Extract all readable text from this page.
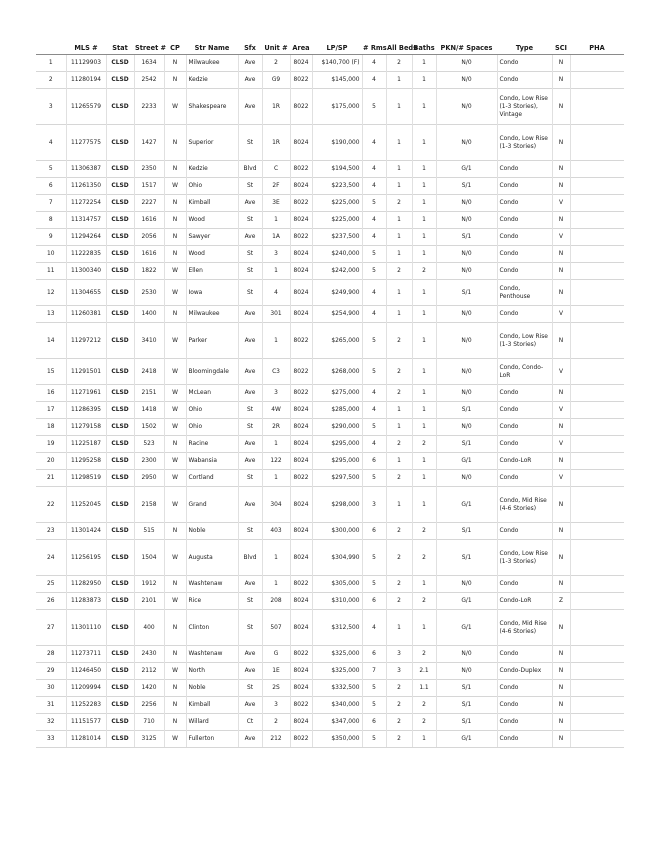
	MLS #	Stat	Street #	CP	Str Name	Sfx	Unit #	Area	LP/SP	# Rms	All Beds	Baths	PKN/# Spaces	Type	SCI	PHA
1	11129903	CLSD	1634	N	Milwaukee	Ave	2	8024	$140,700 (F)	4	2	1	N/0	Condo	N	
2	11280194	CLSD	2542	N	Kedzie	Ave	G9	8022	$145,000	4	1	1	N/0	Condo	N	
3	11265579	CLSD	2233	W	Shakespeare	Ave	1R	8022	$175,000	5	1	1	N/0	Condo, Low Rise (1-3 Stories), Vintage	N	
4	11277575	CLSD	1427	N	Superior	St	1R	8024	$190,000	4	1	1	N/0	Condo, Low Rise (1-3 Stories)	N	
5	11306387	CLSD	2350	N	Kedzie	Blvd	C	8022	$194,500	4	1	1	G/1	Condo	N	
6	11261350	CLSD	1517	W	Ohio	St	2F	8024	$223,500	4	1	1	S/1	Condo	N	
7	11272254	CLSD	2227	N	Kimball	Ave	3E	8022	$225,000	5	2	1	N/0	Condo	V	
8	11314757	CLSD	1616	N	Wood	St	1	8024	$225,000	4	1	1	N/0	Condo	N	
9	11294264	CLSD	2056	N	Sawyer	Ave	1A	8022	$237,500	4	1	1	S/1	Condo	V	
10	11222835	CLSD	1616	N	Wood	St	3	8024	$240,000	5	1	1	N/0	Condo	N	
11	11300340	CLSD	1822	W	Ellen	St	1	8024	$242,000	5	2	2	N/0	Condo	N	
12	11304655	CLSD	2530	W	Iowa	St	4	8024	$249,900	4	1	1	S/1	Condo, Penthouse	N	
13	11260381	CLSD	1400	N	Milwaukee	Ave	301	8024	$254,900	4	1	1	N/0	Condo	V	
14	11297212	CLSD	3410	W	Parker	Ave	1	8022	$265,000	5	2	1	N/0	Condo, Low Rise (1-3 Stories)	N	
15	11291501	CLSD	2418	W	Bloomingdale	Ave	C3	8022	$268,000	5	2	1	N/0	Condo, Condo-LoR	V	
16	11271961	CLSD	2151	W	McLean	Ave	3	8022	$275,000	4	2	1	N/0	Condo	N	
17	11286395	CLSD	1418	W	Ohio	St	4W	8024	$285,000	4	1	1	S/1	Condo	V	
18	11279158	CLSD	1502	W	Ohio	St	2R	8024	$290,000	5	1	1	N/0	Condo	N	
19	11225187	CLSD	523	N	Racine	Ave	1	8024	$295,000	4	2	2	S/1	Condo	V	
20	11295258	CLSD	2300	W	Wabansia	Ave	122	8024	$295,000	6	1	1	G/1	Condo-LoR	N	
21	11298519	CLSD	2950	W	Cortland	St	1	8022	$297,500	5	2	1	N/0	Condo	V	
22	11252045	CLSD	2158	W	Grand	Ave	304	8024	$298,000	3	1	1	G/1	Condo, Mid Rise (4-6 Stories)	N	
23	11301424	CLSD	515	N	Noble	St	403	8024	$300,000	6	2	2	S/1	Condo	N	
24	11256195	CLSD	1504	W	Augusta	Blvd	1	8024	$304,990	5	2	2	S/1	Condo, Low Rise (1-3 Stories)	N	
25	11282950	CLSD	1912	N	Washtenaw	Ave	1	8022	$305,000	5	2	1	N/0	Condo	N	
26	11283873	CLSD	2101	W	Rice	St	208	8024	$310,000	6	2	2	G/1	Condo-LoR	Z	
27	11301110	CLSD	400	N	Clinton	St	507	8024	$312,500	4	1	1	G/1	Condo, Mid Rise (4-6 Stories)	N	
28	11273711	CLSD	2430	N	Washtenaw	Ave	G	8022	$325,000	6	3	2	N/0	Condo	N	
29	11246450	CLSD	2112	W	North	Ave	1E	8024	$325,000	7	3	2.1	N/0	Condo-Duplex	N	
30	11209994	CLSD	1420	N	Noble	St	2S	8024	$332,500	5	2	1.1	S/1	Condo	N	
31	11252283	CLSD	2256	N	Kimball	Ave	3	8022	$340,000	5	2	2	S/1	Condo	N	
32	11151577	CLSD	710	N	Willard	Ct	2	8024	$347,000	6	2	2	S/1	Condo	N	
33	11281014	CLSD	3125	W	Fullerton	Ave	212	8022	$350,000	5	2	1	G/1	Condo	N	
